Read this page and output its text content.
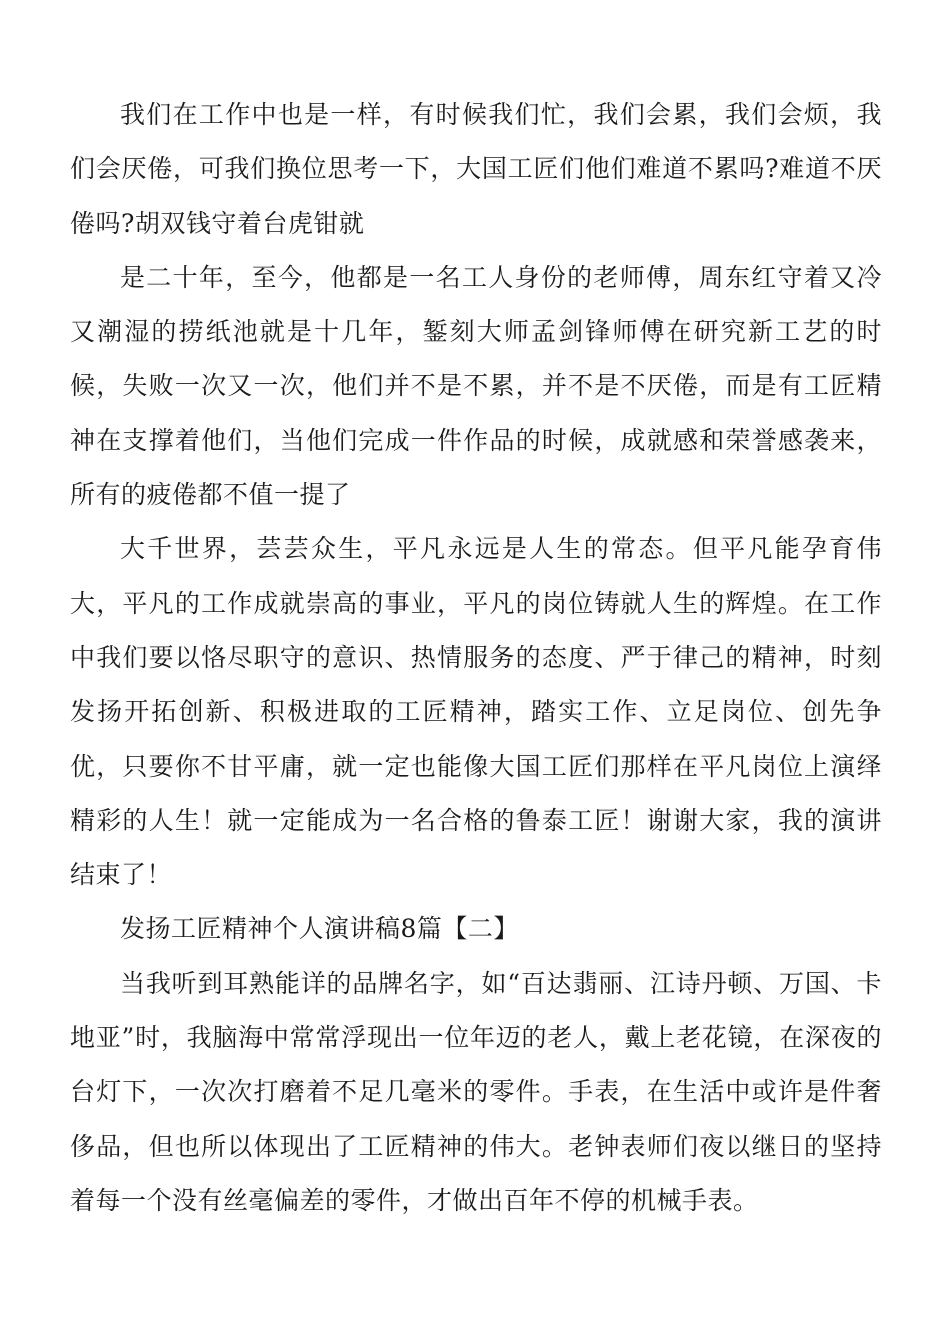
我们在工作中也是一样，有时候我们忙，我们会累，我们会烦，我们会厌倦，可我们换位思考一下，大国工匠们他们难道不累吗?难道不厌倦吗?胡双钱守着台虎钳就

是二十年，至今，他都是一名工人身份的老师傅，周东红守着又冷又潮湿的捞纸池就是十几年，錾刻大师孟剑锋师傅在研究新工艺的时候，失败一次又一次，他们并不是不累，并不是不厌倦，而是有工匠精神在支撑着他们，当他们完成一件作品的时候，成就感和荣誉感袭来，所有的疲倦都不值一提了

大千世界，芸芸众生，平凡永远是人生的常态。但平凡能孕育伟大，平凡的工作成就崇高的事业，平凡的岗位铸就人生的辉煌。在工作中我们要以恪尽职守的意识、热情服务的态度、严于律己的精神，时刻发扬开拓创新、积极进取的工匠精神，踏实工作、立足岗位、创先争优，只要你不甘平庸，就一定也能像大国工匠们那样在平凡岗位上演绎精彩的人生！就一定能成为一名合格的鲁泰工匠！谢谢大家，我的演讲结束了！

发扬工匠精神个人演讲稿8篇【二】

当我听到耳熟能详的品牌名字，如“百达翡丽、江诗丹顿、万国、卡地亚”时，我脑海中常常浮现出一位年迈的老人，戴上老花镜，在深夜的台灯下，一次次打磨着不足几毫米的零件。手表，在生活中或许是件奢侈品，但也所以体现出了工匠精神的伟大。老钟表师们夜以继日的坚持着每一个没有丝毫偏差的零件，才做出百年不停的机械手表。
